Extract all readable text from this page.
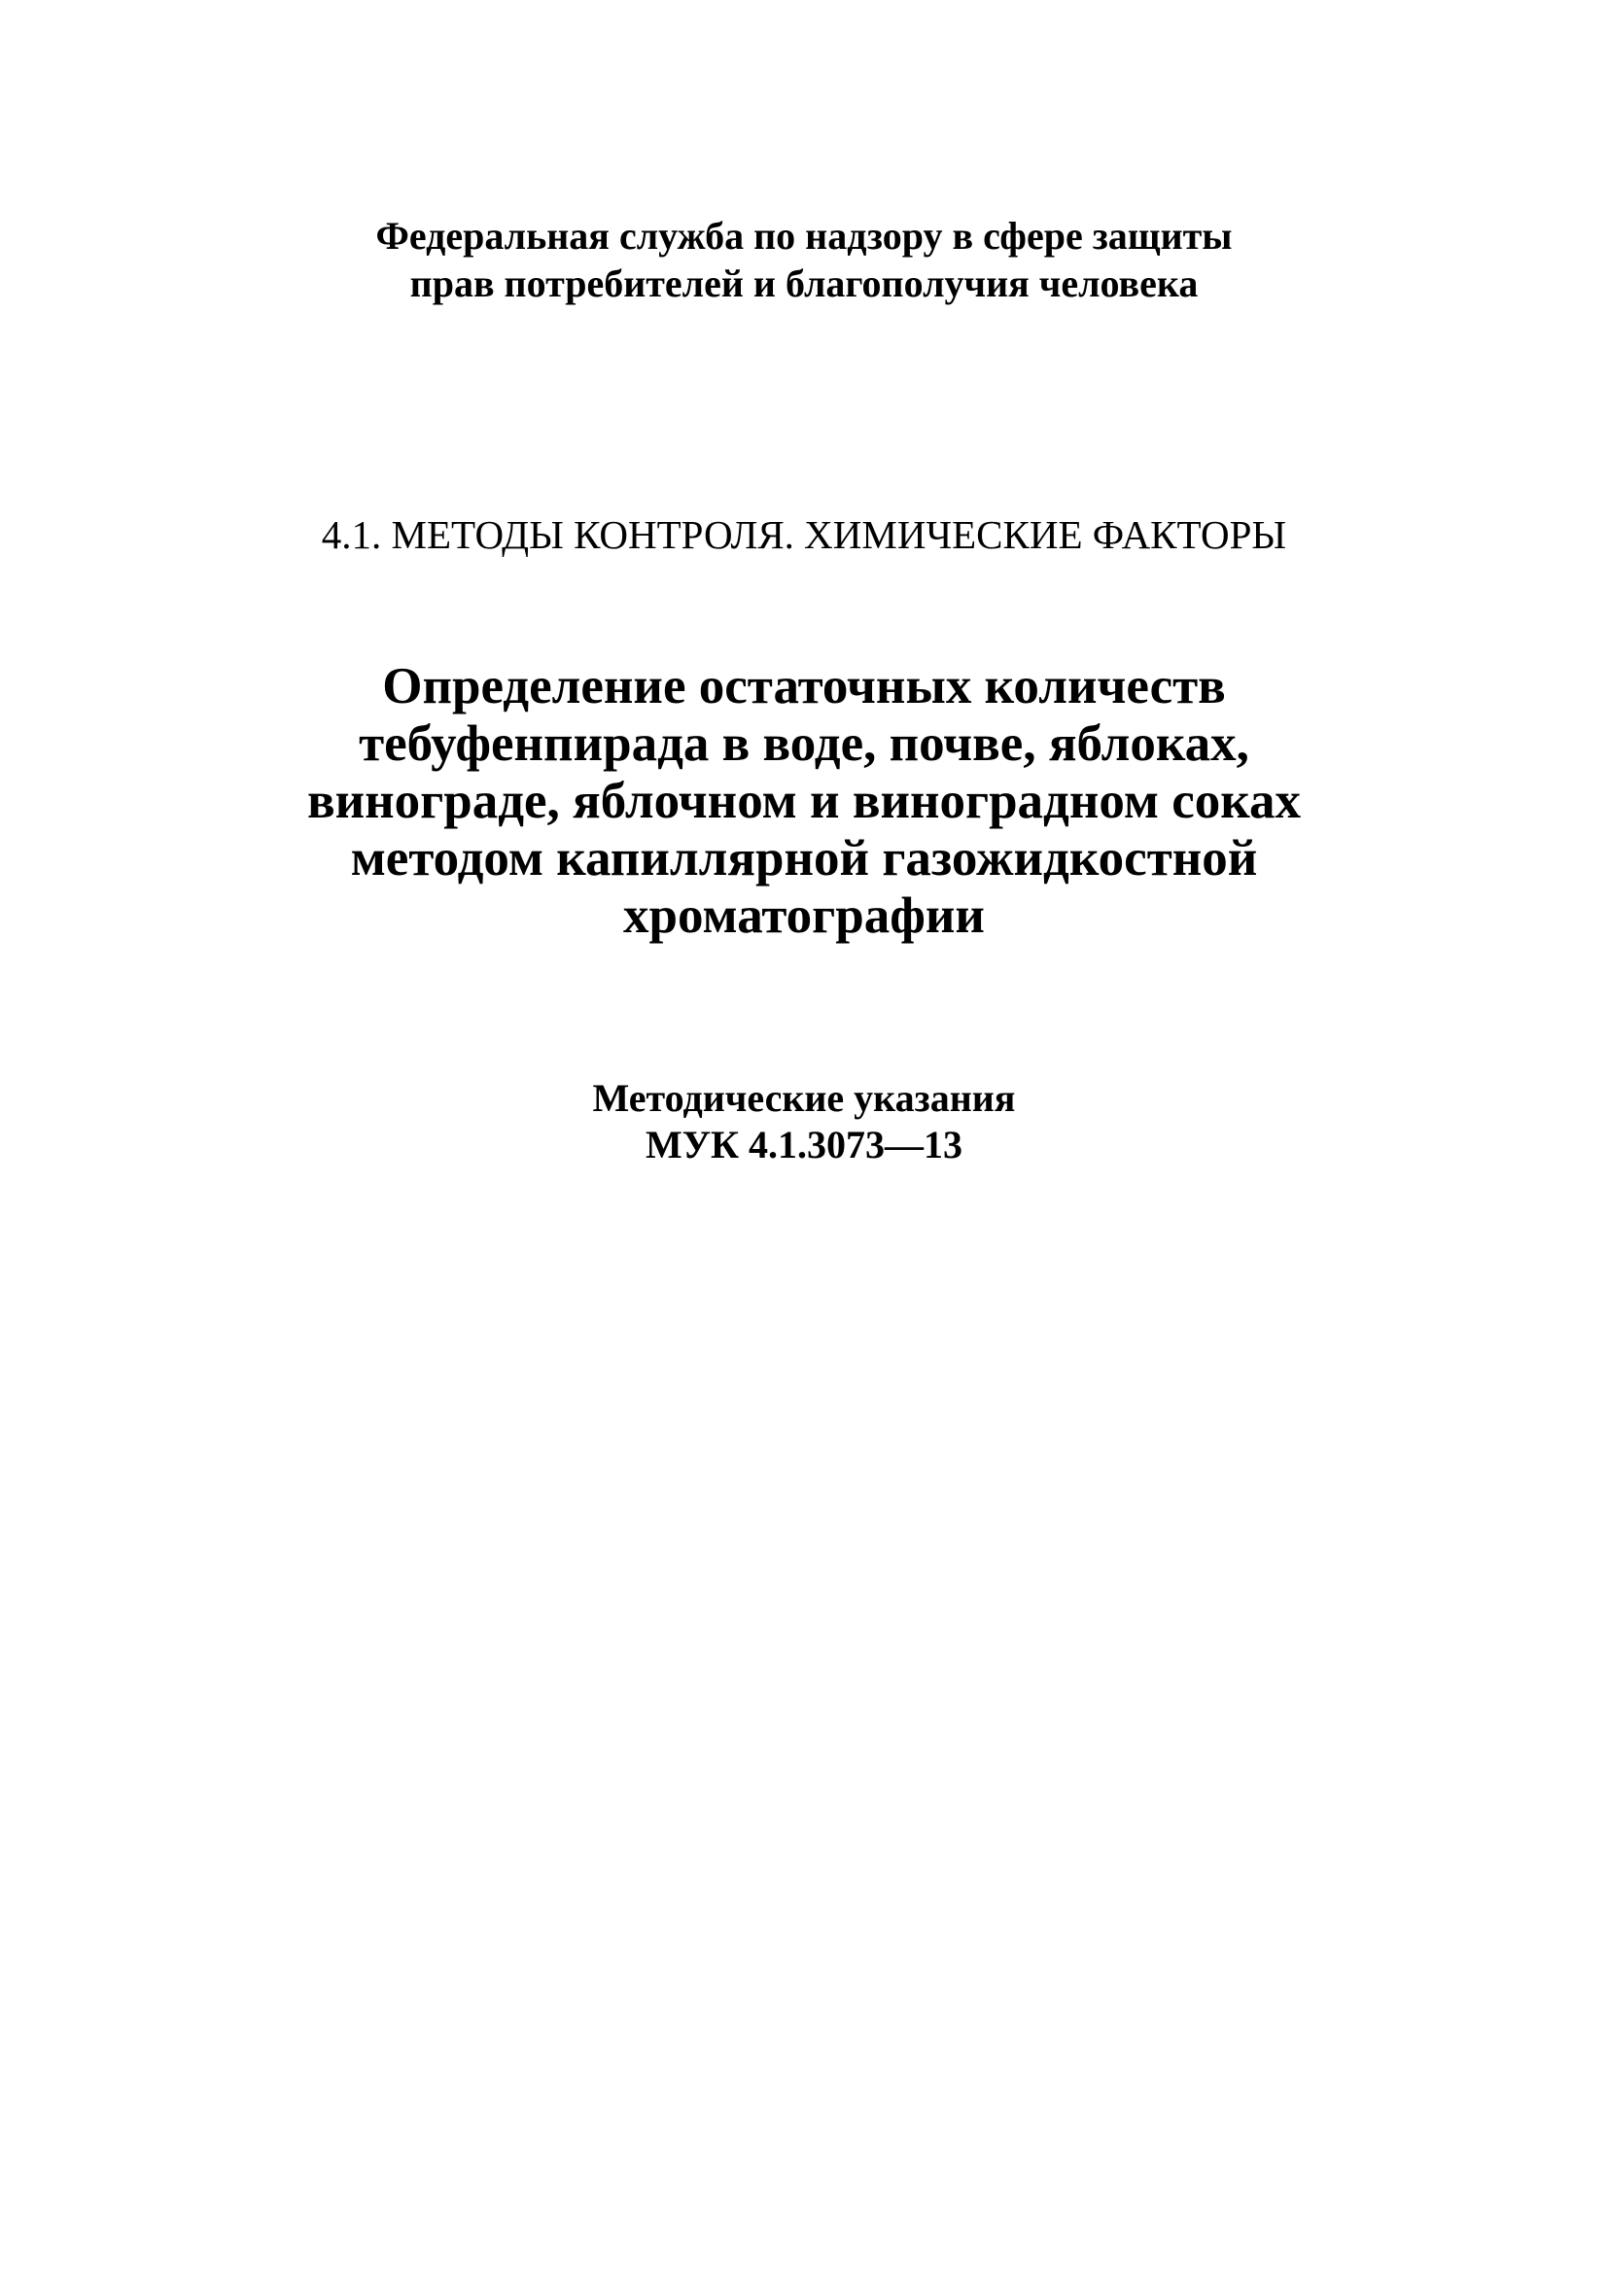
Федеральная служба по надзору в сфере защиты
прав потребителей и благополучия человека
4.1. МЕТОДЫ КОНТРОЛЯ. ХИМИЧЕСКИЕ ФАКТОРЫ
Определение остаточных количеств
тебуфенпирада в воде, почве, яблоках,
винограде, яблочном и виноградном соках
методом капиллярной газожидкостной
хроматографии
Методические указания
МУК 4.1.3073—13
